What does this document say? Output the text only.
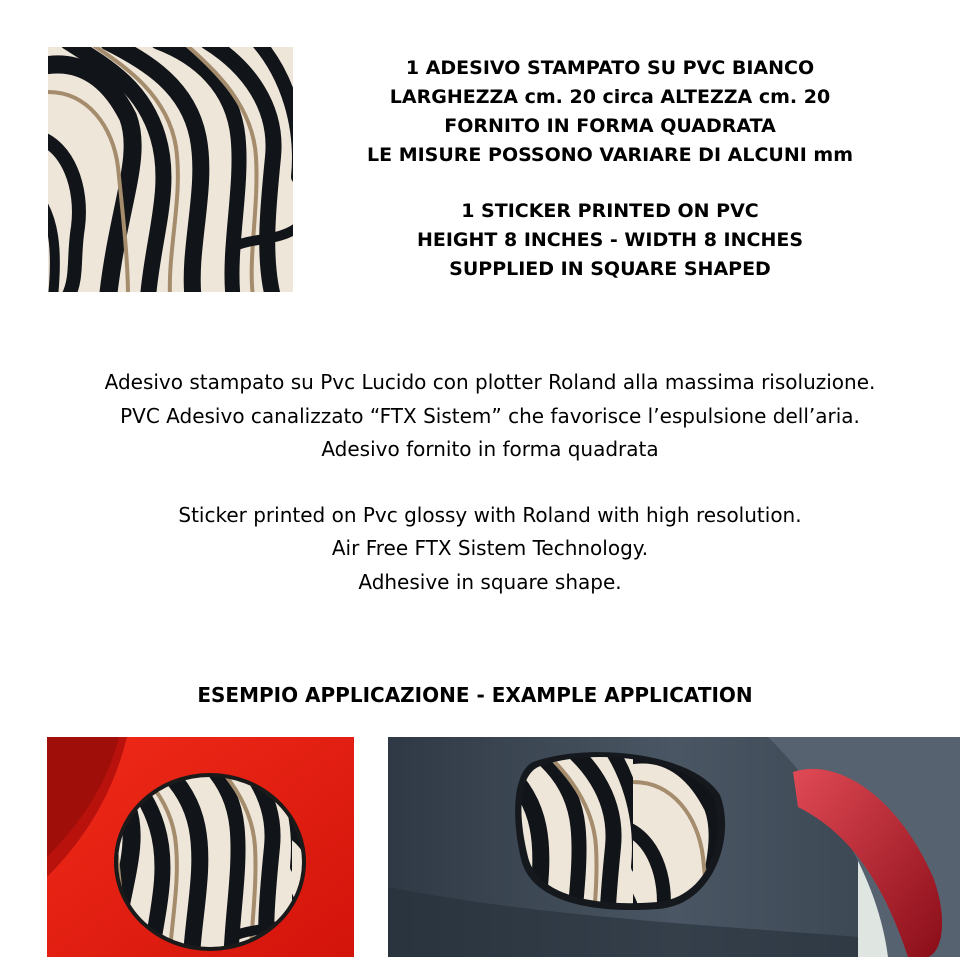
1 ADESIVO STAMPATO SU PVC BIANCO

LARGHEZZA cm. 20 circa ALTEZZA cm. 20

FORNITO IN FORMA QUADRATA

LE MISURE POSSONO VARIARE DI ALCUNI mm

1 STICKER PRINTED ON PVC

HEIGHT 8 INCHES - WIDTH 8 INCHES

SUPPLIED IN SQUARE SHAPED

Adesivo stampato su Pvc Lucido con plotter Roland alla massima risoluzione.

PVC Adesivo canalizzato “FTX Sistem” che favorisce l’espulsione dell’aria.

Adesivo fornito in forma quadrata

Sticker printed on Pvc glossy with Roland with high resolution.

Air Free FTX Sistem Technology.

Adhesive in square shape.

ESEMPIO APPLICAZIONE - EXAMPLE APPLICATION
